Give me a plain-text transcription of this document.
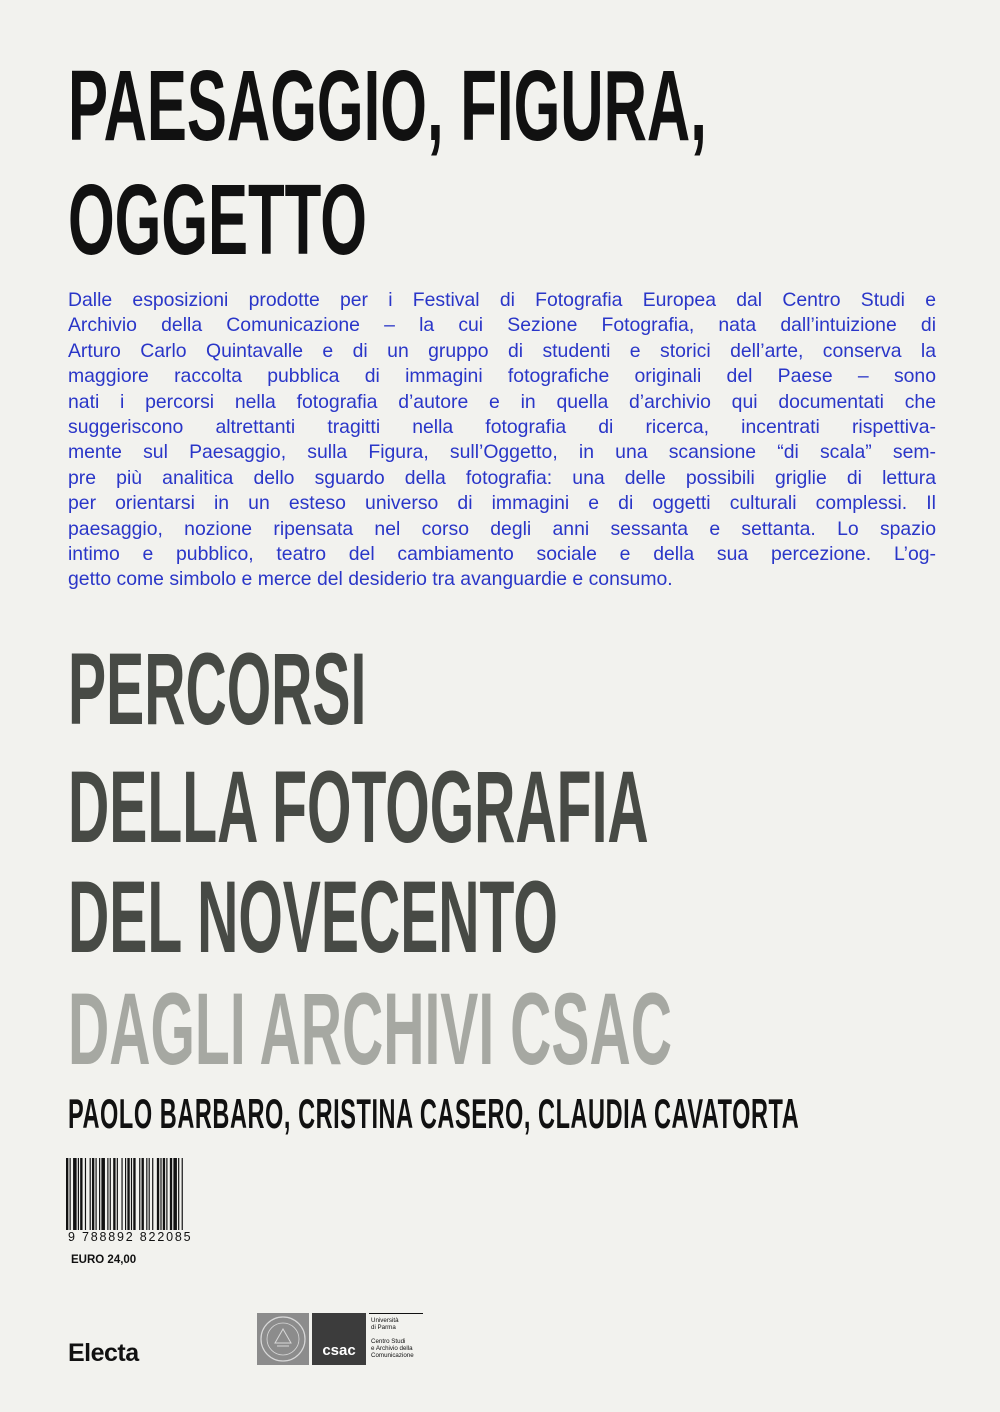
PAESAGGIO, FIGURA,
OGGETTO
Dalle esposizioni prodotte per i Festival di Fotografia Europea dal Centro Studi e
Archivio della Comunicazione – la cui Sezione Fotografia, nata dall’intuizione di
Arturo Carlo Quintavalle e di un gruppo di studenti e storici dell’arte, conserva la
maggiore raccolta pubblica di immagini fotografiche originali del Paese – sono
nati i percorsi nella fotografia d’autore e in quella d’archivio qui documentati che
suggeriscono altrettanti tragitti nella fotografia di ricerca, incentrati rispettiva-
mente sul Paesaggio, sulla Figura, sull’Oggetto, in una scansione “di scala” sem-
pre più analitica dello sguardo della fotografia: una delle possibili griglie di lettura
per orientarsi in un esteso universo di immagini e di oggetti culturali complessi. Il
paesaggio, nozione ripensata nel corso degli anni sessanta e settanta. Lo spazio
intimo e pubblico, teatro del cambiamento sociale e della sua percezione. L’og-
getto come simbolo e merce del desiderio tra avanguardie e consumo.
PERCORSI
DELLA FOTOGRAFIA
DEL NOVECENTO
DAGLI ARCHIVI CSAC
PAOLO BARBARO, CRISTINA CASERO, CLAUDIA CAVATORTA
9 788892 822085
EURO 24,00
Electa	csac
Università
di Parma
Centro Studi
e Archivio della
Comunicazione
